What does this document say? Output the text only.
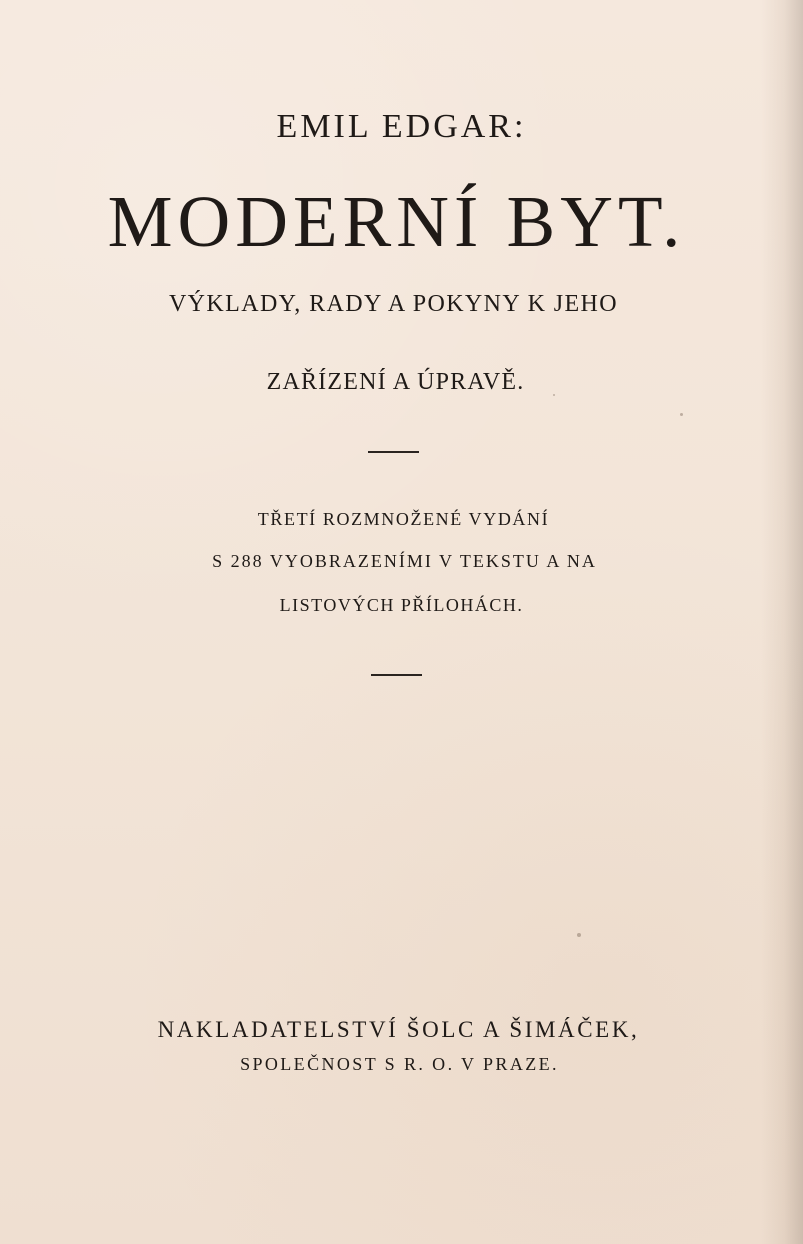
EMIL EDGAR:
MODERNÍ BYT.
VÝKLADY, RADY A POKYNY K JEHO
ZAŘÍZENÍ A ÚPRAVĚ.
TŘETÍ ROZMNOŽENÉ VYDÁNÍ
S 288 VYOBRAZENÍMI V TEKSTU A NA
LISTOVÝCH PŘÍLOHÁCH.
NAKLADATELSTVÍ ŠOLC A ŠIMÁČEK,
SPOLEČNOST S R. O. V PRAZE.
